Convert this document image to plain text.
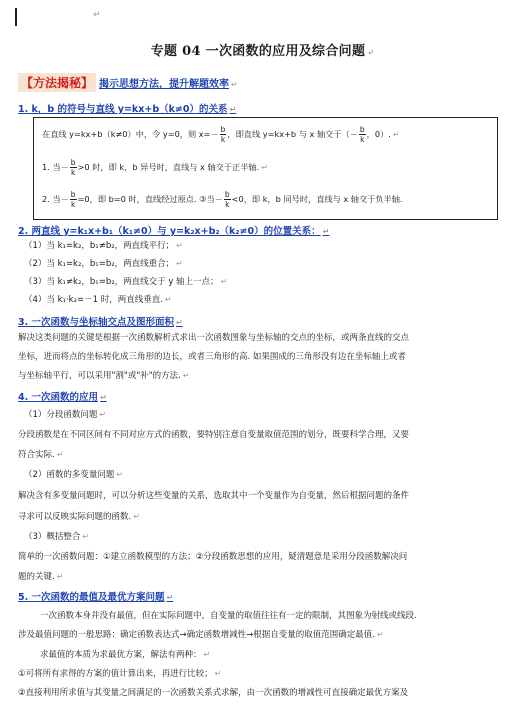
↵
专题 04 一次函数的应用及综合问题 ↵
【方法揭秘】 揭示思想方法，提升解题效率 ↵
1. k，b 的符号与直线 y=kx+b（k≠0）的关系 ↵
在直线 y=kx+b（k≠0）中，令 y=0，则 $x=- \frac{b}{k}$ ，即直线 y=kx+b 与 x 轴交于（－ $\frac{b}{k}$ ，0）. ↵
1. 当－ $\frac{b}{k} >0$ 时，即 k，b 异号时，直线与 x 轴交于正半轴. ↵
2. 当－ $\frac{b}{k} =0$，即 b=0 时，直线经过原点. ③当－ $\frac{b}{k} <0$，即 k，b 同号时，直线与 x 轴交于负半轴.
2. 两直线 y=k₁x+b₁（k₁≠0）与 y=k₂x+b₂（k₂≠0）的位置关系： ↵
（1）当 k₁=k₂，b₁≠b₂，两直线平行； ↵
（2）当 k₁=k₂，b₁=b₂，两直线重合； ↵
（3）当 k₁≠k₂，b₁=b₂，两直线交于 y 轴上一点； ↵
（4）当 k₁·k₂=－1 时，两直线垂直. ↵
3. 一次函数与坐标轴交点及图形面积 ↵
解决这类问题的关键是根据一次函数解析式求出一次函数图象与坐标轴的交点的坐标，或两条直线的交点
坐标，进而将点的坐标转化成三角形的边长，或者三角形的高. 如果围成的三角形没有边在坐标轴上或者
与坐标轴平行，可以采用"割"或"补"的方法. ↵
4. 一次函数的应用 ↵
（1）分段函数问题 ↵
分段函数是在不同区间有不同对应方式的函数，要特别注意自变量取值范围的划分，既要科学合理，又要
符合实际. ↵
（2）函数的多变量问题 ↵
解决含有多变量问题时，可以分析这些变量的关系，选取其中一个变量作为自变量，然后根据问题的条件
寻求可以反映实际问题的函数. ↵
（3）概括整合 ↵
简单的一次函数问题：①建立函数模型的方法；②分段函数思想的应用，疑清题意是采用分段函数解决问
题的关键. ↵
5. 一次函数的最值及最优方案问题 ↵
一次函数本身并没有最值，但在实际问题中，自变量的取值往往有一定的限制，其图象为射线或线段.
涉及最值问题的一般思路：确定函数表达式→确定函数增减性→根据自变量的取值范围确定最值. ↵
求最值的本质为求最优方案，解法有两种： ↵
①可将所有求得的方案的值计算出来，再进行比较； ↵
②直接利用所求值与其变量之间满足的一次函数关系式求解，由一次函数的增减性可直接确定最优方案及
